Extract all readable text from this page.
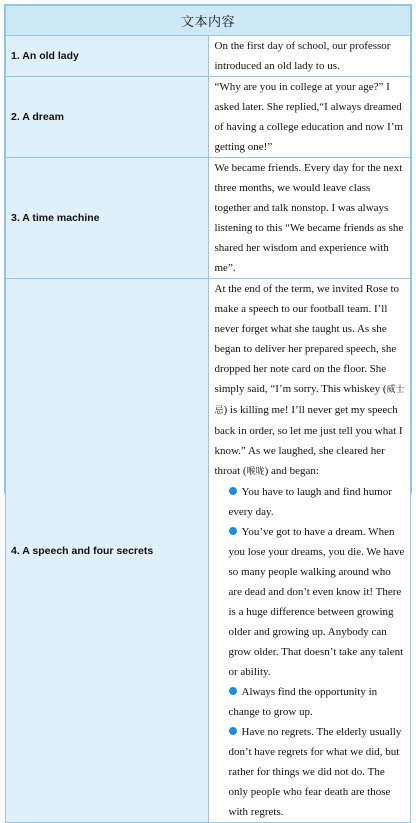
文本内容	
1. An old lady	On the first day of school, our professor introduced an old lady to us.
2. A dream	“Why are you in college at your age?” I asked later. She replied,“I always dreamed of having a college education and now I’m getting one!”
3. A time machine	We became friends. Every day for the next three months, we would leave class together and talk nonstop. I was always listening to this “We became friends as she shared her wisdom and experience with me”.
4. A speech and four secrets	At the end of the term, we invited Rose to make a speech to our football team. I’ll never forget what she taught us. As she began to deliver her prepared speech, she dropped her note card on the floor. She simply said, “I’m sorry. This whiskey (威士忌) is killing me! I’ll never get my speech back in order, so let me just tell you what I know.” As we laughed, she cleared her throat (喉咙) and began:
You have to laugh and find humor every day.
You’ve got to have a dream. When you lose your dreams, you die. We have so many people walking around who are dead and don’t even know it! There is a huge difference between growing older and growing up. Anybody can grow older. That doesn’t take any talent or ability.
Always find the opportunity in change to grow up.
Have no regrets. The elderly usually don’t have regrets for what we did, but rather for things we did not do. The only people who fear death are those with regrets.
